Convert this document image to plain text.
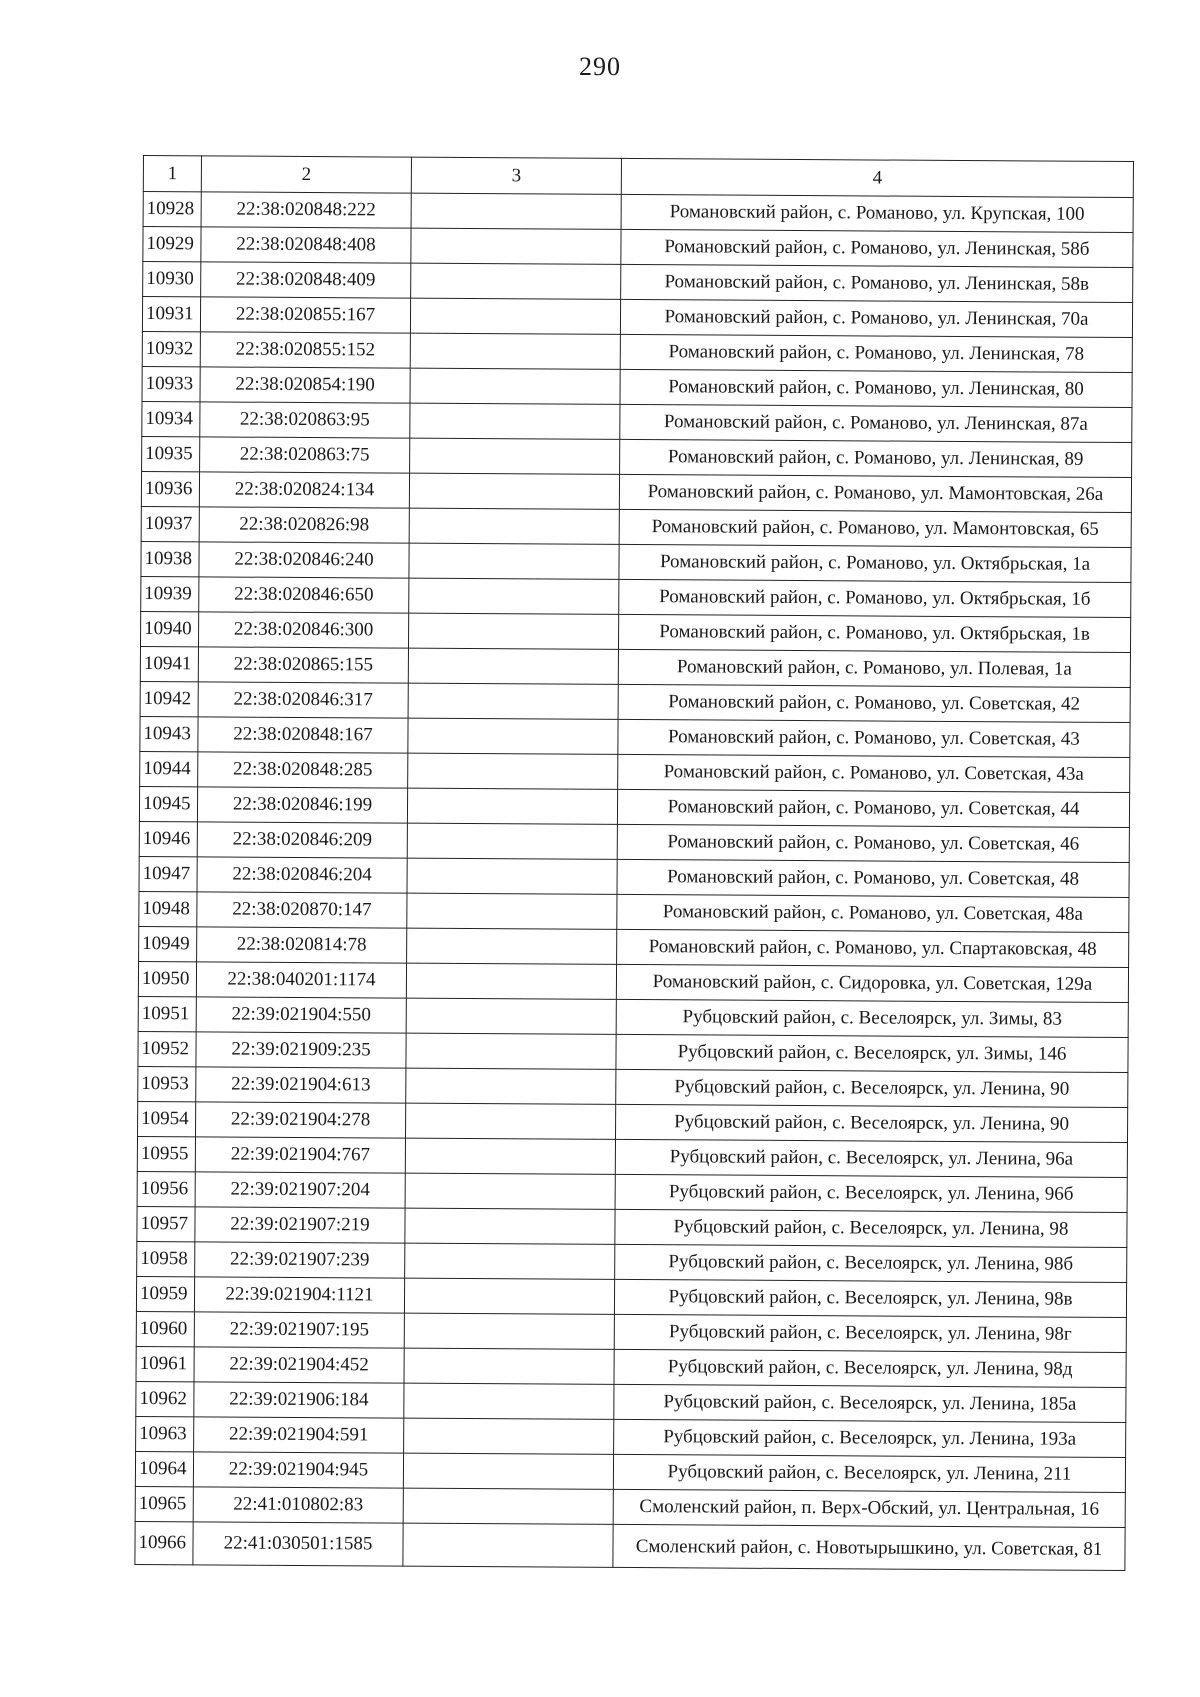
290
1	2	3	4
10928	22:38:020848:222		Романовский район, с. Романово, ул. Крупская, 100
10929	22:38:020848:408		Романовский район, с. Романово, ул. Ленинская, 58б
10930	22:38:020848:409		Романовский район, с. Романово, ул. Ленинская, 58в
10931	22:38:020855:167		Романовский район, с. Романово, ул. Ленинская, 70а
10932	22:38:020855:152		Романовский район, с. Романово, ул. Ленинская, 78
10933	22:38:020854:190		Романовский район, с. Романово, ул. Ленинская, 80
10934	22:38:020863:95		Романовский район, с. Романово, ул. Ленинская, 87а
10935	22:38:020863:75		Романовский район, с. Романово, ул. Ленинская, 89
10936	22:38:020824:134		Романовский район, с. Романово, ул. Мамонтовская, 26а
10937	22:38:020826:98		Романовский район, с. Романово, ул. Мамонтовская, 65
10938	22:38:020846:240		Романовский район, с. Романово, ул. Октябрьская, 1а
10939	22:38:020846:650		Романовский район, с. Романово, ул. Октябрьская, 1б
10940	22:38:020846:300		Романовский район, с. Романово, ул. Октябрьская, 1в
10941	22:38:020865:155		Романовский район, с. Романово, ул. Полевая, 1а
10942	22:38:020846:317		Романовский район, с. Романово, ул. Советская, 42
10943	22:38:020848:167		Романовский район, с. Романово, ул. Советская, 43
10944	22:38:020848:285		Романовский район, с. Романово, ул. Советская, 43а
10945	22:38:020846:199		Романовский район, с. Романово, ул. Советская, 44
10946	22:38:020846:209		Романовский район, с. Романово, ул. Советская, 46
10947	22:38:020846:204		Романовский район, с. Романово, ул. Советская, 48
10948	22:38:020870:147		Романовский район, с. Романово, ул. Советская, 48а
10949	22:38:020814:78		Романовский район, с. Романово, ул. Спартаковская, 48
10950	22:38:040201:1174		Романовский район, с. Сидоровка, ул. Советская, 129а
10951	22:39:021904:550		Рубцовский район, с. Веселоярск, ул. Зимы, 83
10952	22:39:021909:235		Рубцовский район, с. Веселоярск, ул. Зимы, 146
10953	22:39:021904:613		Рубцовский район, с. Веселоярск, ул. Ленина, 90
10954	22:39:021904:278		Рубцовский район, с. Веселоярск, ул. Ленина, 90
10955	22:39:021904:767		Рубцовский район, с. Веселоярск, ул. Ленина, 96а
10956	22:39:021907:204		Рубцовский район, с. Веселоярск, ул. Ленина, 96б
10957	22:39:021907:219		Рубцовский район, с. Веселоярск, ул. Ленина, 98
10958	22:39:021907:239		Рубцовский район, с. Веселоярск, ул. Ленина, 98б
10959	22:39:021904:1121		Рубцовский район, с. Веселоярск, ул. Ленина, 98в
10960	22:39:021907:195		Рубцовский район, с. Веселоярск, ул. Ленина, 98г
10961	22:39:021904:452		Рубцовский район, с. Веселоярск, ул. Ленина, 98д
10962	22:39:021906:184		Рубцовский район, с. Веселоярск, ул. Ленина, 185а
10963	22:39:021904:591		Рубцовский район, с. Веселоярск, ул. Ленина, 193а
10964	22:39:021904:945		Рубцовский район, с. Веселоярск, ул. Ленина, 211
10965	22:41:010802:83		Смоленский район, п. Верх-Обский, ул. Центральная, 16
10966	22:41:030501:1585		Смоленский район, с. Новотырышкино, ул. Советская, 81
